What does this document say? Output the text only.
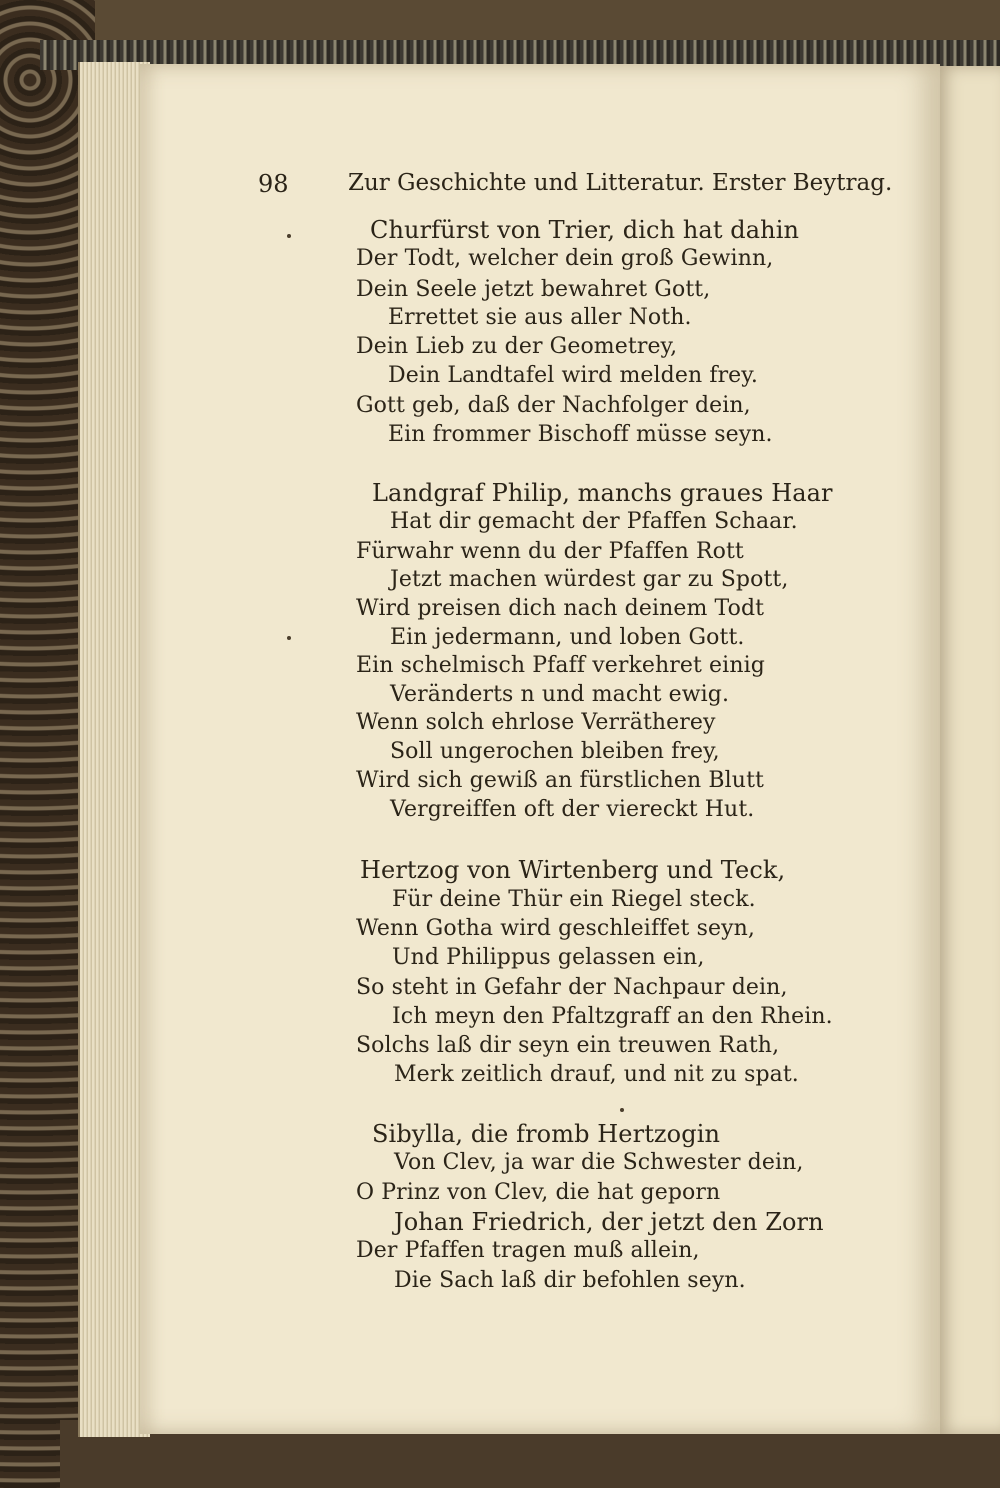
98	Zur Geschichte und Litteratur. Erster Beytrag.
Churfürst von Trier, dich hat dahin
Der Todt, welcher dein groß Gewinn,
Dein Seele jetzt bewahret Gott,
Errettet sie aus aller Noth.
Dein Lieb zu der Geometrey,
Dein Landtafel wird melden frey.
Gott geb, daß der Nachfolger dein,
Ein frommer Bischoff müsse seyn.
Landgraf Philip, manchs graues Haar
Hat dir gemacht der Pfaffen Schaar.
Fürwahr wenn du der Pfaffen Rott
Jetzt machen würdest gar zu Spott,
Wird preisen dich nach deinem Todt
Ein jedermann, und loben Gott.
Ein schelmisch Pfaff verkehret einig
Veränderts n und macht ewig.
Wenn solch ehrlose Verrätherey
Soll ungerochen bleiben frey,
Wird sich gewiß an fürstlichen Blutt
Vergreiffen oft der viereckt Hut.
Hertzog von Wirtenberg und Teck,
Für deine Thür ein Riegel steck.
Wenn Gotha wird geschleiffet seyn,
Und Philippus gelassen ein,
So steht in Gefahr der Nachpaur dein,
Ich meyn den Pfaltzgraff an den Rhein.
Solchs laß dir seyn ein treuwen Rath,
Merk zeitlich drauf, und nit zu spat.
Sibylla, die fromb Hertzogin
Von Clev, ja war die Schwester dein,
O Prinz von Clev, die hat geporn
Johan Friedrich, der jetzt den Zorn
Der Pfaffen tragen muß allein,
Die Sach laß dir befohlen seyn.
